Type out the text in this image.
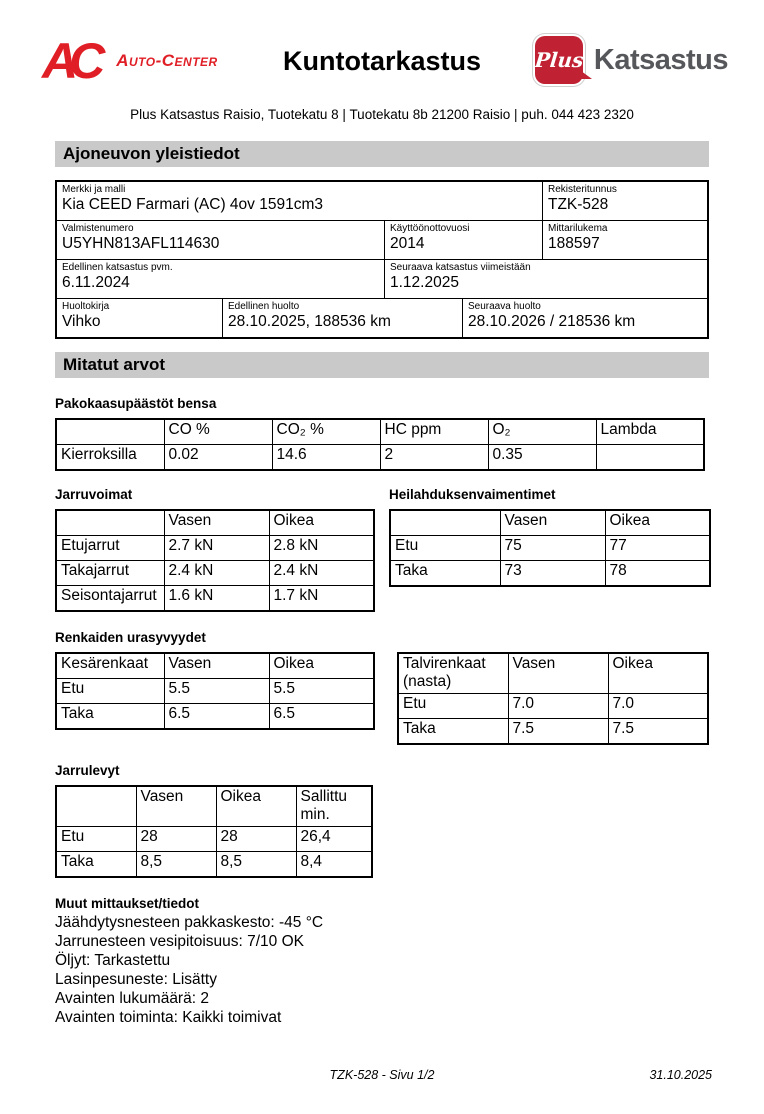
AC	Auto-Center	Kuntotarkastus	Plus Katsastus
Plus Katsastus Raisio, Tuotekatu 8 | Tuotekatu 8b 21200 Raisio | puh. 044 423 2320
Ajoneuvon yleistiedot
Merkki ja malli
Kia CEED Farmari (AC) 4ov 1591cm3
Rekisteritunnus
TZK-528
Valmistenumero
U5YHN813AFL114630
Käyttöönottovuosi
2014
Mittarilukema
188597
Edellinen katsastus pvm.
6.11.2024
Seuraava katsastus viimeistään
1.12.2025
Huoltokirja
Vihko
Edellinen huolto
28.10.2025, 188536 km
Seuraava huolto
28.10.2026 / 218536 km
Mitatut arvot
Pakokaasupäästöt bensa
	CO %	CO₂ %	HC ppm	O₂	Lambda
Kierroksilla	0.02	14.6	2	0.35	
Jarruvoimat
	Vasen	Oikea
Etujarrut	2.7 kN	2.8 kN
Takajarrut	2.4 kN	2.4 kN
Seisontajarrut	1.6 kN	1.7 kN
Heilahduksenvaimentimet
	Vasen	Oikea
Etu	75	77
Taka	73	78
Renkaiden urasyvyydet
Kesärenkaat	Vasen	Oikea
Etu	5.5	5.5
Taka	6.5	6.5
Talvirenkaat (nasta)	Vasen	Oikea
Etu	7.0	7.0
Taka	7.5	7.5
Jarrulevyt
	Vasen	Oikea	Sallittu min.
Etu	28	28	26,4
Taka	8,5	8,5	8,4
Muut mittaukset/tiedot
Jäähdytysnesteen pakkaskesto: -45 °C
Jarrunesteen vesipitoisuus: 7/10 OK
Öljyt: Tarkastettu
Lasinpesuneste: Lisätty
Avainten lukumäärä: 2
Avainten toiminta: Kaikki toimivat
TZK-528 - Sivu 1/2	31.10.2025
